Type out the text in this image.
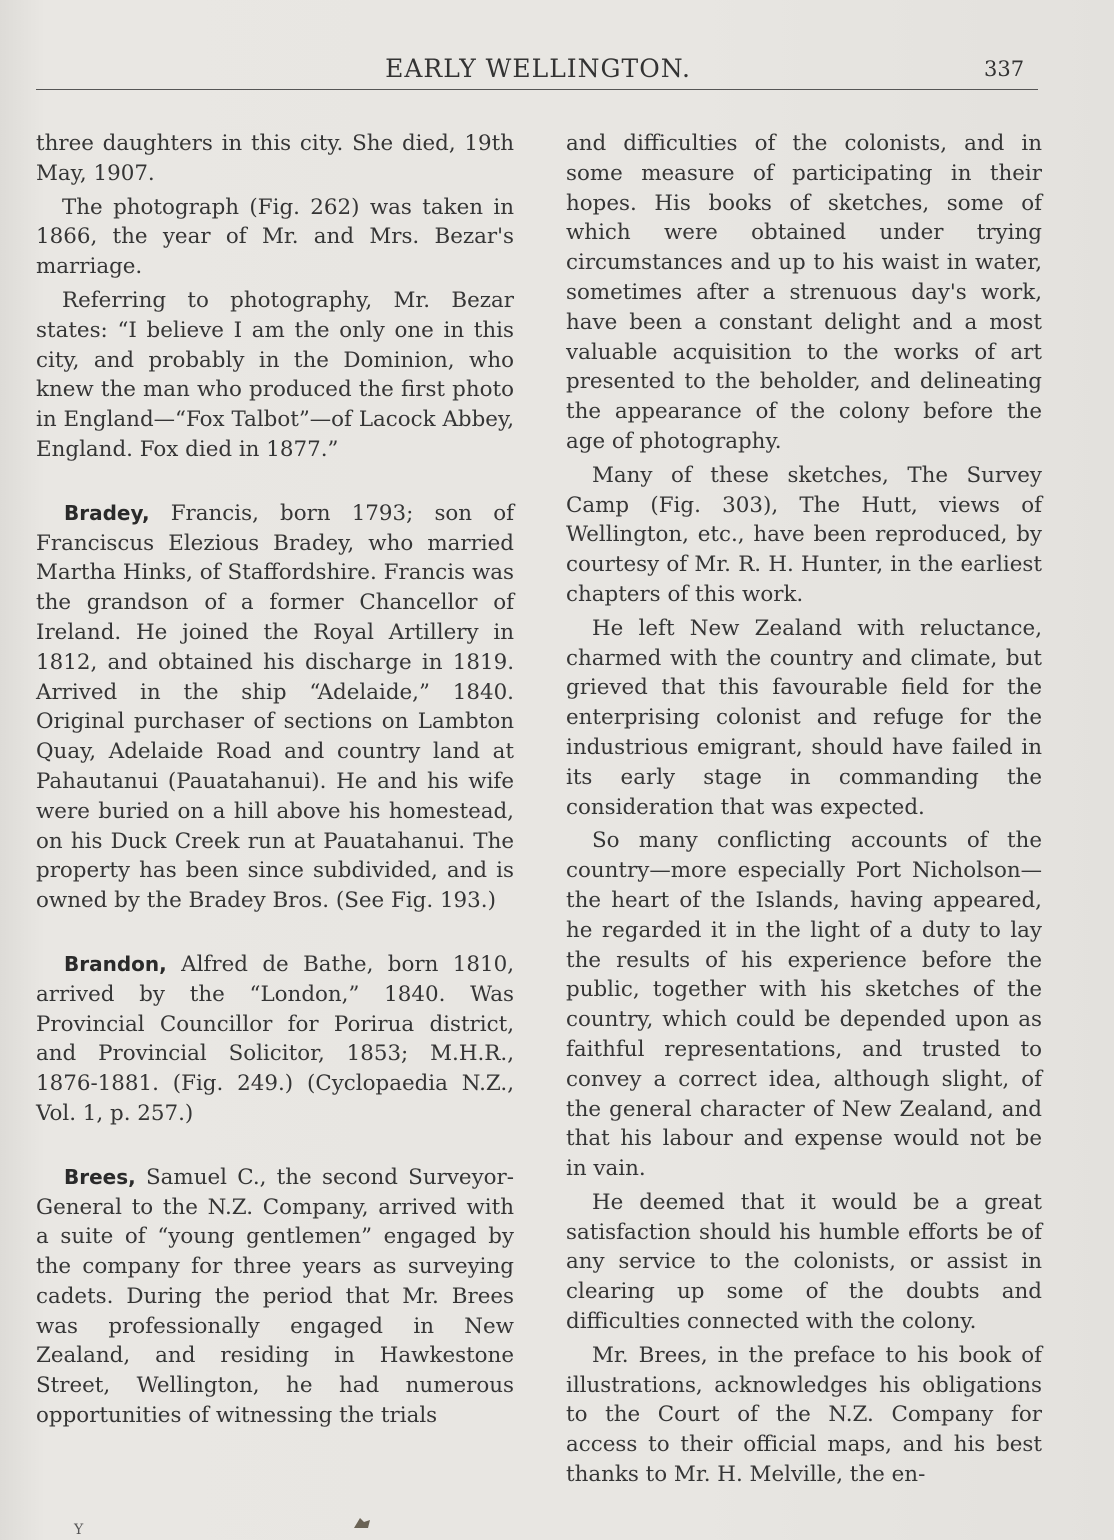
EARLY WELLINGTON.	337

three daughters in this city. She died, 19th May, 1907.

The photograph (Fig. 262) was taken in 1866, the year of Mr. and Mrs. Bezar's marriage.

Referring to photography, Mr. Bezar states: “I believe I am the only one in this city, and probably in the Dominion, who knew the man who produced the first photo in England—“Fox Talbot”—of Lacock Abbey, England. Fox died in 1877.”

Bradey, Francis, born 1793; son of Franciscus Elezious Bradey, who married Martha Hinks, of Staffordshire. Francis was the grandson of a former Chancellor of Ireland. He joined the Royal Artillery in 1812, and obtained his discharge in 1819. Arrived in the ship “Adelaide,” 1840. Original purchaser of sections on Lambton Quay, Adelaide Road and country land at Pahautanui (Pauatahanui). He and his wife were buried on a hill above his homestead, on his Duck Creek run at Pauatahanui. The property has been since subdivided, and is owned by the Bradey Bros. (See Fig. 193.)

Brandon, Alfred de Bathe, born 1810, arrived by the “London,” 1840. Was Provincial Councillor for Porirua district, and Provincial Solicitor, 1853; M.H.R., 1876-1881. (Fig. 249.) (Cyclopaedia N.Z., Vol. 1, p. 257.)

Brees, Samuel C., the second Surveyor-General to the N.Z. Company, arrived with a suite of “young gentlemen” engaged by the company for three years as surveying cadets. During the period that Mr. Brees was professionally engaged in New Zealand, and residing in Hawkestone Street, Wellington, he had numerous opportunities of witnessing the trials

and difficulties of the colonists, and in some measure of participating in their hopes. His books of sketches, some of which were obtained under trying circumstances and up to his waist in water, sometimes after a strenuous day's work, have been a constant delight and a most valuable acquisition to the works of art presented to the beholder, and delineating the appearance of the colony before the age of photography.

Many of these sketches, The Survey Camp (Fig. 303), The Hutt, views of Wellington, etc., have been reproduced, by courtesy of Mr. R. H. Hunter, in the earliest chapters of this work.

He left New Zealand with reluctance, charmed with the country and climate, but grieved that this favourable field for the enterprising colonist and refuge for the industrious emigrant, should have failed in its early stage in commanding the consideration that was expected.

So many conflicting accounts of the country—more especially Port Nicholson—the heart of the Islands, having appeared, he regarded it in the light of a duty to lay the results of his experience before the public, together with his sketches of the country, which could be depended upon as faithful representations, and trusted to convey a correct idea, although slight, of the general character of New Zealand, and that his labour and expense would not be in vain.

He deemed that it would be a great satisfaction should his humble efforts be of any service to the colonists, or assist in clearing up some of the doubts and difficulties connected with the colony.

Mr. Brees, in the preface to his book of illustrations, acknowledges his obligations to the Court of the N.Z. Company for access to their official maps, and his best thanks to Mr. H. Melville, the en-

Y
